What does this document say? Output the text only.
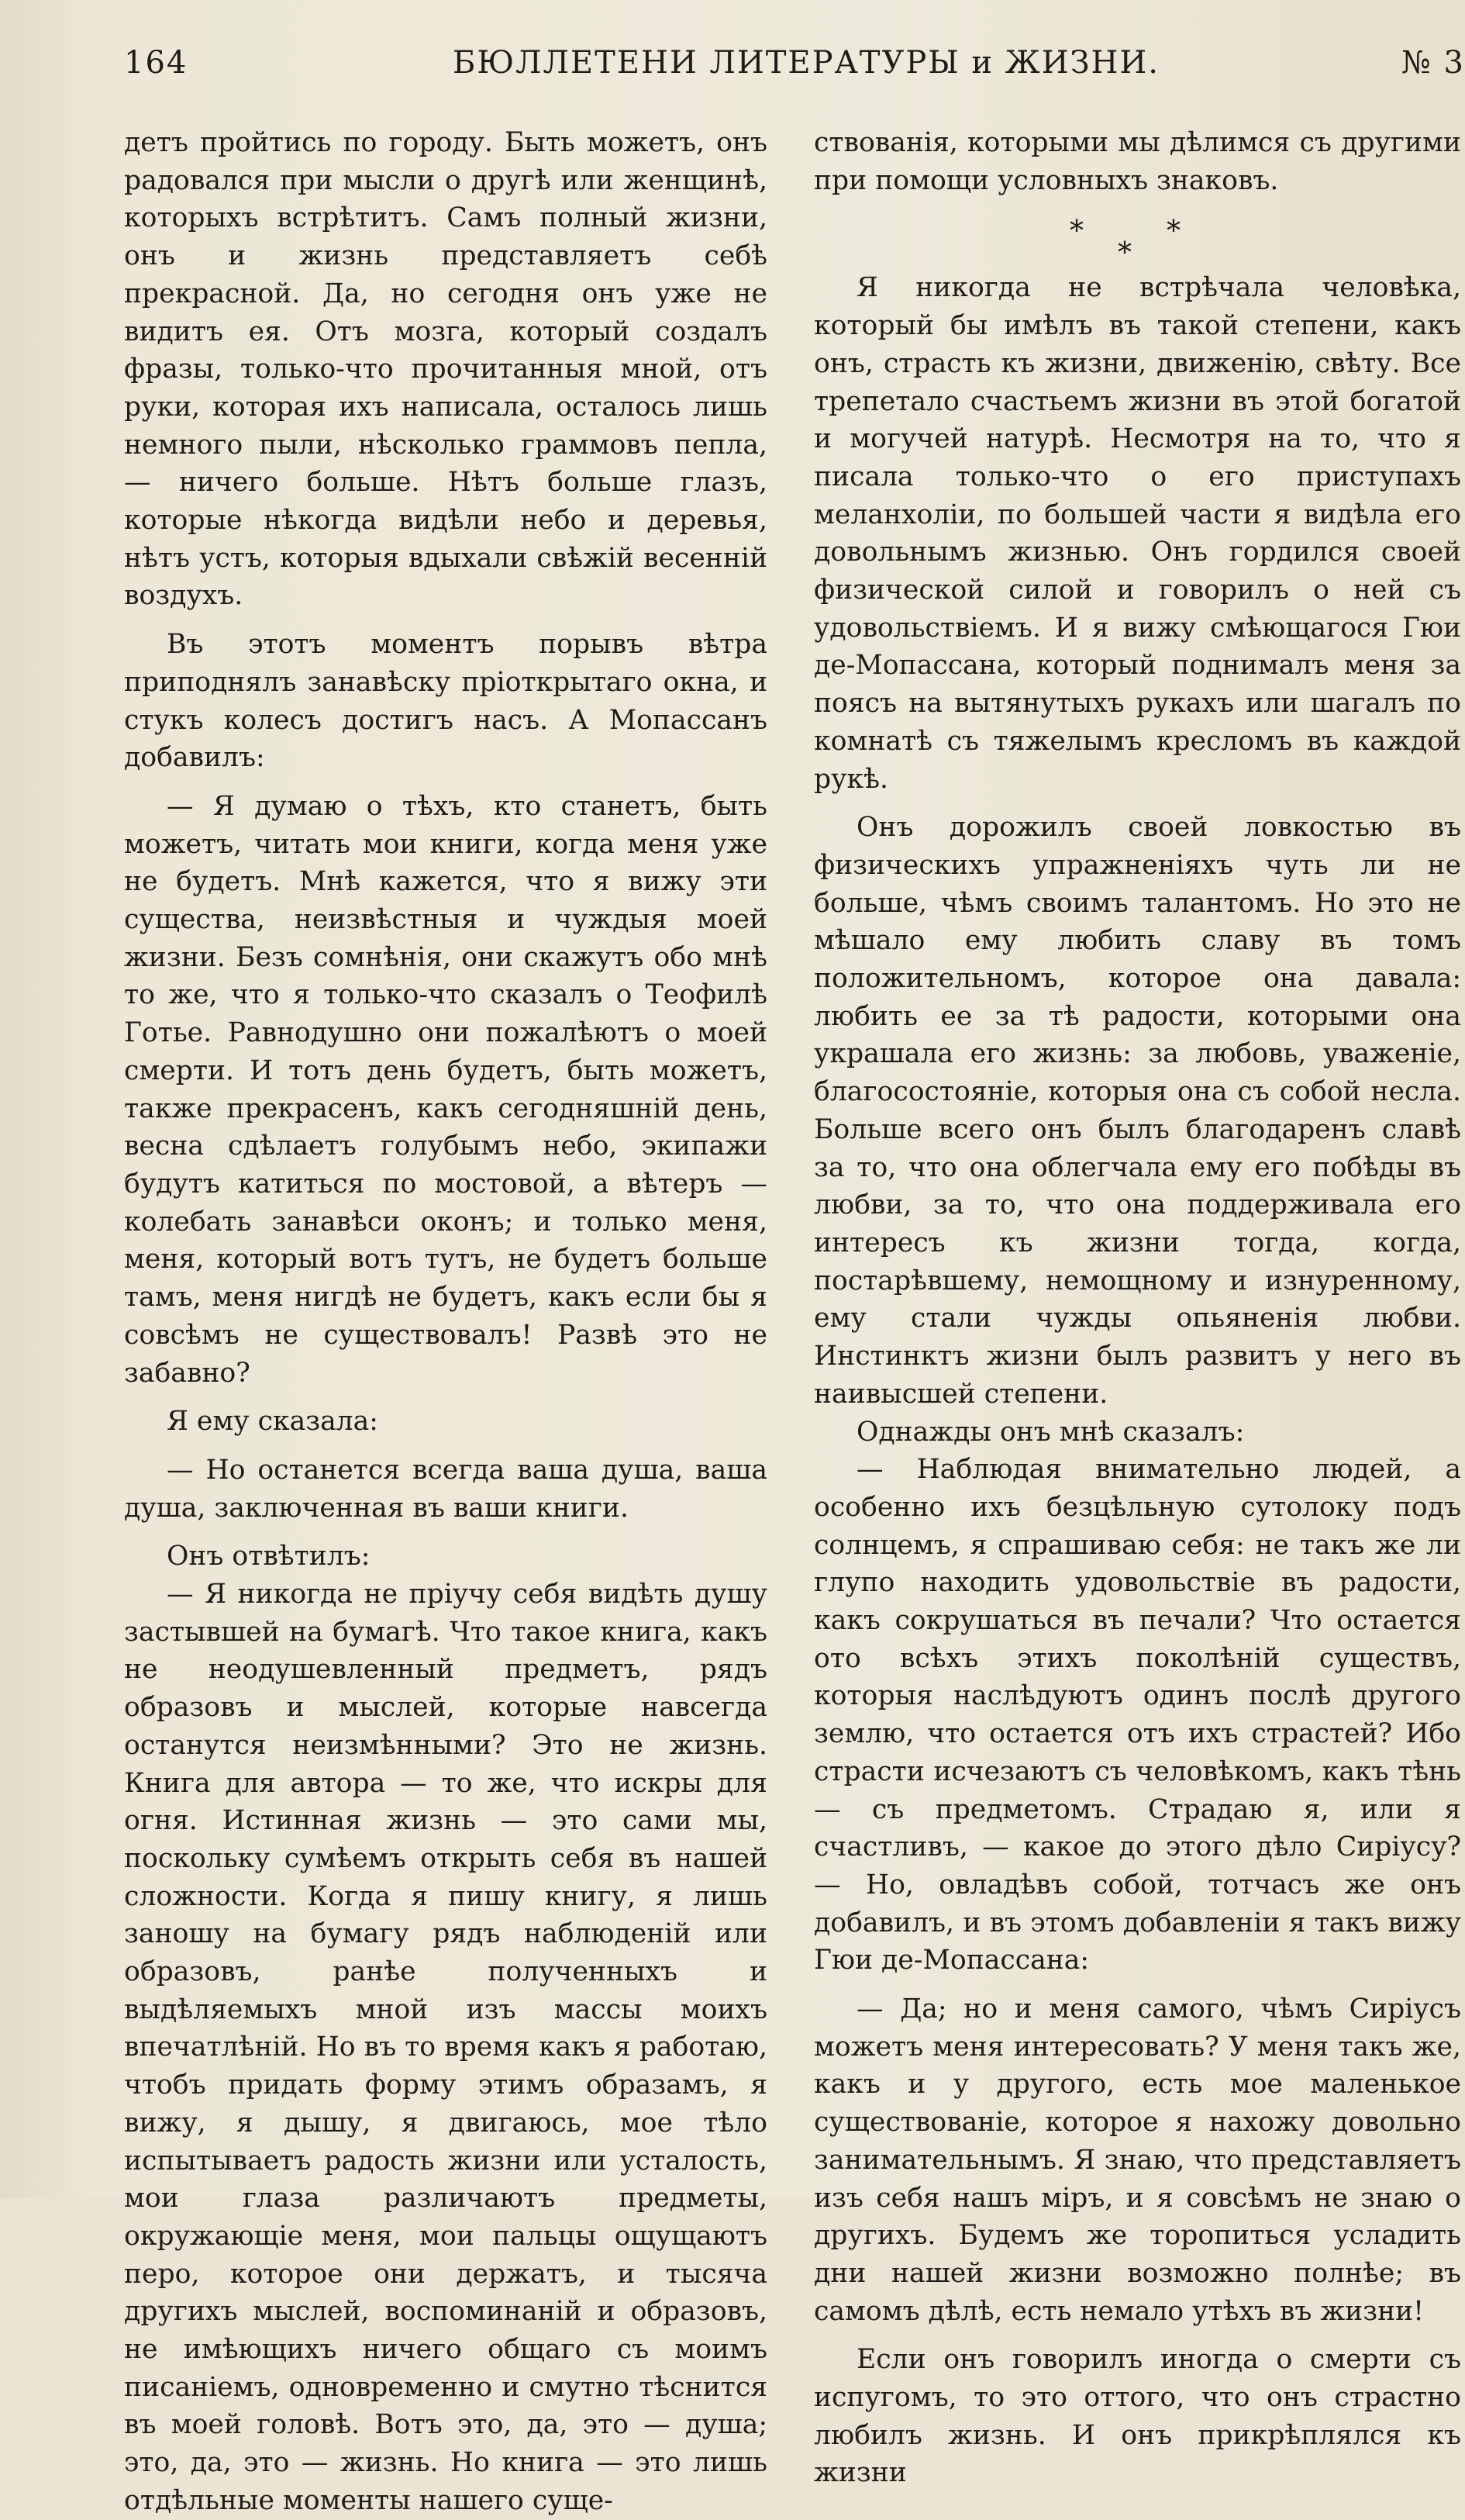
164	БЮЛЛЕТЕНИ ЛИТЕРАТУРЫ и ЖИЗНИ.	№ 3

детъ пройтись по городу. Быть можетъ, онъ радовался при мысли о другѣ или женщинѣ, которыхъ встрѣтитъ. Самъ полный жизни, онъ и жизнь представляетъ себѣ прекрасной. Да, но сегодня онъ уже не видитъ ея. Отъ мозга, который создалъ фразы, только-что прочитанныя мной, отъ руки, которая ихъ написала, осталось лишь немного пыли, нѣсколько граммовъ пепла, — ничего больше. Нѣтъ больше глазъ, которые нѣкогда видѣли небо и деревья, нѣтъ устъ, которыя вдыхали свѣжій весенній воздухъ.

Въ этотъ моментъ порывъ вѣтра приподнялъ занавѣску пріоткрытаго окна, и стукъ колесъ достигъ насъ. А Мопассанъ добавилъ:

— Я думаю о тѣхъ, кто станетъ, быть можетъ, читать мои книги, когда меня уже не будетъ. Мнѣ кажется, что я вижу эти существа, неизвѣстныя и чуждыя моей жизни. Безъ сомнѣнія, они скажутъ обо мнѣ то же, что я только-что сказалъ о Теофилѣ Готье. Равнодушно они пожалѣютъ о моей смерти. И тотъ день будетъ, быть можетъ, также прекрасенъ, какъ сегодняшній день, весна сдѣлаетъ голубымъ небо, экипажи будутъ катиться по мостовой, а вѣтеръ — колебать занавѣси оконъ; и только меня, меня, который вотъ тутъ, не будетъ больше тамъ, меня нигдѣ не будетъ, какъ если бы я совсѣмъ не существовалъ! Развѣ это не забавно?

Я ему сказала:

— Но останется всегда ваша душа, ваша душа, заключенная въ ваши книги.

Онъ отвѣтилъ:

— Я никогда не пріучу себя видѣть душу застывшей на бумагѣ. Что такое книга, какъ не неодушевленный предметъ, рядъ образовъ и мыслей, которые навсегда останутся неизмѣнными? Это не жизнь. Книга для автора — то же, что искры для огня. Истинная жизнь — это сами мы, поскольку сумѣемъ открыть себя въ нашей сложности. Когда я пишу книгу, я лишь заношу на бумагу рядъ наблюденій или образовъ, ранѣе полученныхъ и выдѣляемыхъ мной изъ массы моихъ впечатлѣній. Но въ то время какъ я работаю, чтобъ придать форму этимъ образамъ, я вижу, я дышу, я двигаюсь, мое тѣло испытываетъ радость жизни или усталость, мои глаза различаютъ предметы, окружающіе меня, мои пальцы ощущаютъ перо, которое они держатъ, и тысяча другихъ мыслей, воспоминаній и образовъ, не имѣющихъ ничего общаго съ моимъ писаніемъ, одновременно и смутно тѣснится въ моей головѣ. Вотъ это, да, это — душа; это, да, это — жизнь. Но книга — это лишь отдѣльные моменты нашего суще-

ствованія, которыми мы дѣлимся съ другими при помощи условныхъ знаковъ.

*	*
*

Я никогда не встрѣчала человѣка, который бы имѣлъ въ такой степени, какъ онъ, страсть къ жизни, движенію, свѣту. Все трепетало счастьемъ жизни въ этой богатой и могучей натурѣ. Несмотря на то, что я писала только-что о его приступахъ меланхоліи, по большей части я видѣла его довольнымъ жизнью. Онъ гордился своей физической силой и говорилъ о ней съ удовольствіемъ. И я вижу смѣющагося Гюи де-Мопассана, который поднималъ меня за поясъ на вытянутыхъ рукахъ или шагалъ по комнатѣ съ тяжелымъ кресломъ въ каждой рукѣ.

Онъ дорожилъ своей ловкостью въ физическихъ упражненіяхъ чуть ли не больше, чѣмъ своимъ талантомъ. Но это не мѣшало ему любить славу въ томъ положительномъ, которое она давала: любить ее за тѣ радости, которыми она украшала его жизнь: за любовь, уваженіе, благосостояніе, которыя она съ собой несла. Больше всего онъ былъ благодаренъ славѣ за то, что она облегчала ему его побѣды въ любви, за то, что она поддерживала его интересъ къ жизни тогда, когда, постарѣвшему, немощному и изнуренному, ему стали чужды опьяненія любви. Инстинктъ жизни былъ развитъ у него въ наивысшей степени.

Однажды онъ мнѣ сказалъ:

— Наблюдая внимательно людей, а особенно ихъ безцѣльную сутолоку подъ солнцемъ, я спрашиваю себя: не такъ же ли глупо находить удовольствіе въ радости, какъ сокрушаться въ печали? Что остается ото всѣхъ этихъ поколѣній существъ, которыя наслѣдуютъ одинъ послѣ другого землю, что остается отъ ихъ страстей? Ибо страсти исчезаютъ съ человѣкомъ, какъ тѣнь — съ предметомъ. Страдаю я, или я счастливъ, — какое до этого дѣло Сиріусу? — Но, овладѣвъ собой, тотчасъ же онъ добавилъ, и въ этомъ добавленіи я такъ вижу Гюи де-Мопассана:

— Да; но и меня самого, чѣмъ Сиріусъ можетъ меня интересовать? У меня такъ же, какъ и у другого, есть мое маленькое существованіе, которое я нахожу довольно занимательнымъ. Я знаю, что представляетъ изъ себя нашъ міръ, и я совсѣмъ не знаю о другихъ. Будемъ же торопиться усладить дни нашей жизни возможно полнѣе; въ самомъ дѣлѣ, есть немало утѣхъ въ жизни!

Если онъ говорилъ иногда о смерти съ испугомъ, то это оттого, что онъ страстно любилъ жизнь. И онъ прикрѣплялся къ жизни
